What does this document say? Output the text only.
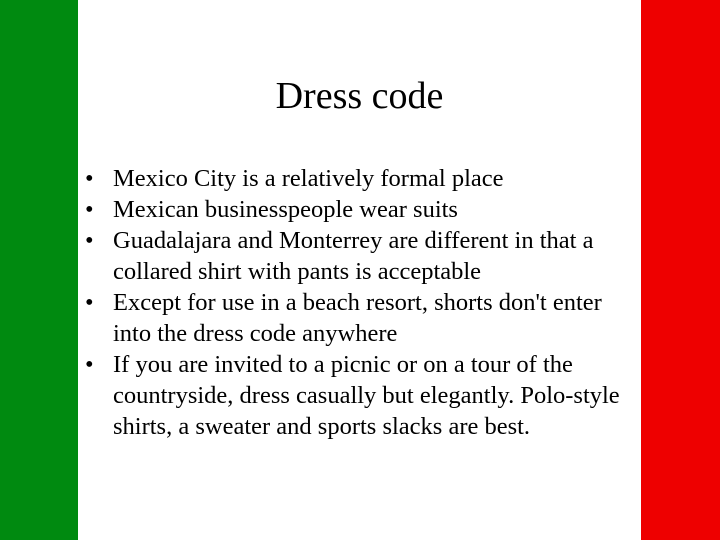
Dress code
• Mexico City is a relatively formal place
• Mexican businesspeople wear suits
• Guadalajara and Monterrey are different in that a collared shirt with pants is acceptable
• Except for use in a beach resort, shorts don't enter into the dress code anywhere
• If you are invited to a picnic or on a tour of the countryside, dress casually but elegantly. Polo-style shirts, a sweater and sports slacks are best.
